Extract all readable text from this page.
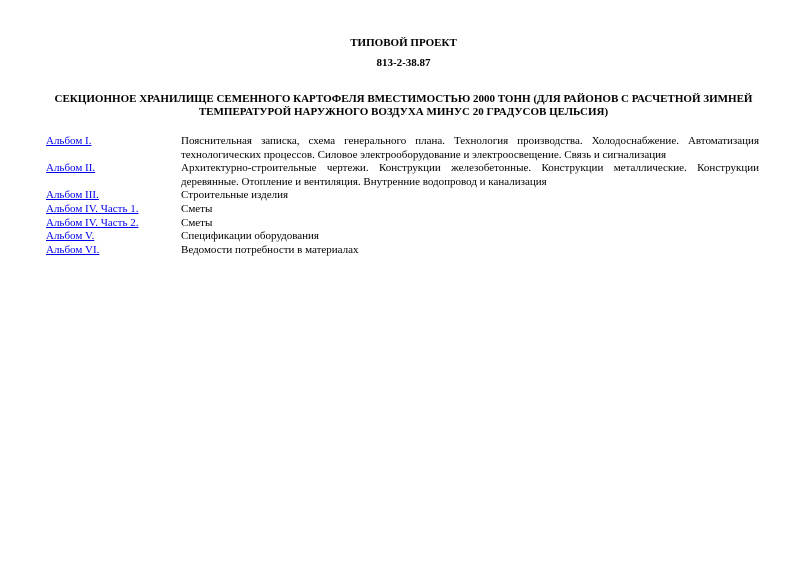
ТИПОВОЙ ПРОЕКТ
813-2-38.87
СЕКЦИОННОЕ ХРАНИЛИЩЕ СЕМЕННОГО КАРТОФЕЛЯ ВМЕСТИМОСТЬЮ 2000 ТОНН (ДЛЯ РАЙОНОВ С РАСЧЕТНОЙ ЗИМНЕЙ ТЕМПЕРАТУРОЙ НАРУЖНОГО ВОЗДУХА МИНУС 20 ГРАДУСОВ ЦЕЛЬСИЯ)
Альбом I.	Пояснительная записка, схема генерального плана. Технология производства. Холодоснабжение. Автоматизация технологических процессов. Силовое электрооборудование и электроосвещение. Связь и сигнализация
Альбом II.	Архитектурно-строительные чертежи. Конструкции железобетонные. Конструкции металлические. Конструкции деревянные. Отопление и вентиляция. Внутренние водопровод и канализация
Альбом III.	Строительные изделия
Альбом IV. Часть 1.	Сметы
Альбом IV. Часть 2.	Сметы
Альбом V.	Спецификации оборудования
Альбом VI.	Ведомости потребности в материалах
